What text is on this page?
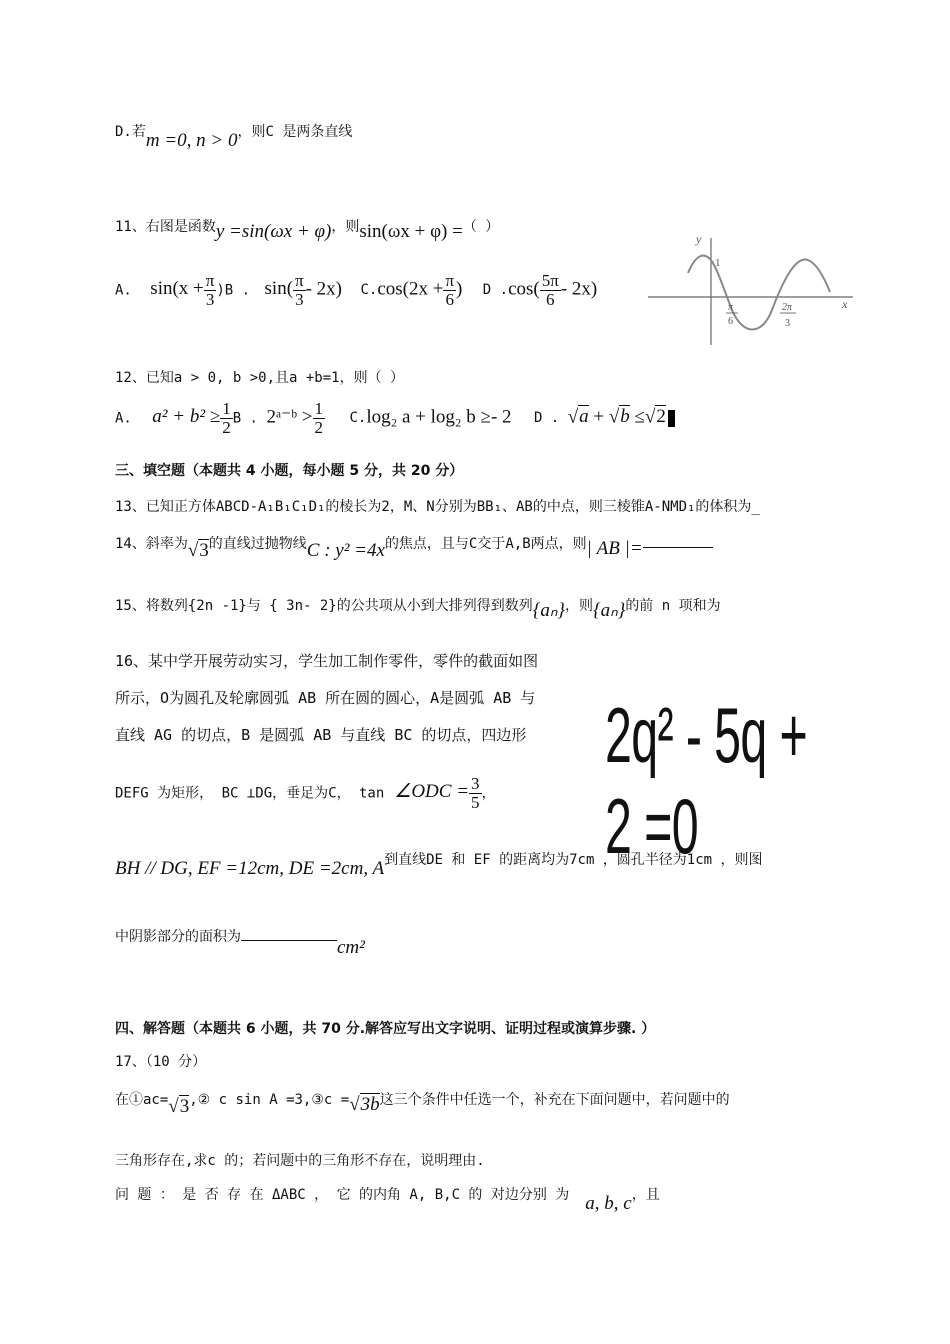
D.若m =0, n > 0，则C 是两条直线
11、右图是函数y =sin(ωx + φ)，则sin(ωx + φ) =（ ）
A. $\sin(x + \frac{\pi}{3} )B$ . $\sin( \frac{\pi}{3} - 2x)$ $C.\cos(2x + \frac{\pi}{6}$ ) D $.\cos( \frac{5\pi}{6} - 2x)$
y
x
1
π
6
2π
3
12、已知a > 0, b >0,且a +b=1，则（ ）
A. $a^2 + b^2 \ge \frac{1}{2}$ B . 2ᵃ⁻ᵇ > $\frac{1}{2} C.\log_2$ a + log₂ b ≥- 2 D . √a + √b ≤√2
三、填空题（本题共 4 小题，每小题 5 分，共 20 分）
13、已知正方体ABCD-A₁B₁C₁D₁的棱长为2，M、N分别为BB₁、AB的中点，则三棱锥A-NMD₁的体积为_
14、斜率为√3的直线过抛物线C : y² =4x的焦点，且与C交于A,B两点，则| AB |=
15、将数列{2n -1}与 { 3n- 2}的公共项从小到大排列得到数列{aₙ}，则{aₙ}的前 n 项和为
16、某中学开展劳动实习，学生加工制作零件，零件的截面如图
所示，O为圆孔及轮廓圆弧 AB 所在圆的圆心，A是圆弧 AB 与
直线 AG 的切点，B 是圆弧 AB 与直线 BC 的切点，四边形
DEFG 为矩形， BC ⊥DG，垂足为C， tan ∠ODC = $\frac{3}{5}$ ，
2q² - 5q + 2 =0
BH // DG, EF =12cm, DE =2cm, A到直线DE 和 EF 的距离均为7cm ，圆孔半径为1cm ，则图
中阴影部分的面积为	cm²
四、解答题（本题共 6 小题，共 70 分.解答应写出文字说明、证明过程或演算步骤. ）
17、（10 分）
在①ac=√3,② c sin A =3,③c =√3b这三个条件中任选一个，补充在下面问题中，若问题中的
三角形存在,求c 的；若问题中的三角形不存在，说明理由.
问 题 ： 是 否 存 在 ΔABC ， 它 的内角 A, B,C 的 对边分别 为 a, b, c，且
